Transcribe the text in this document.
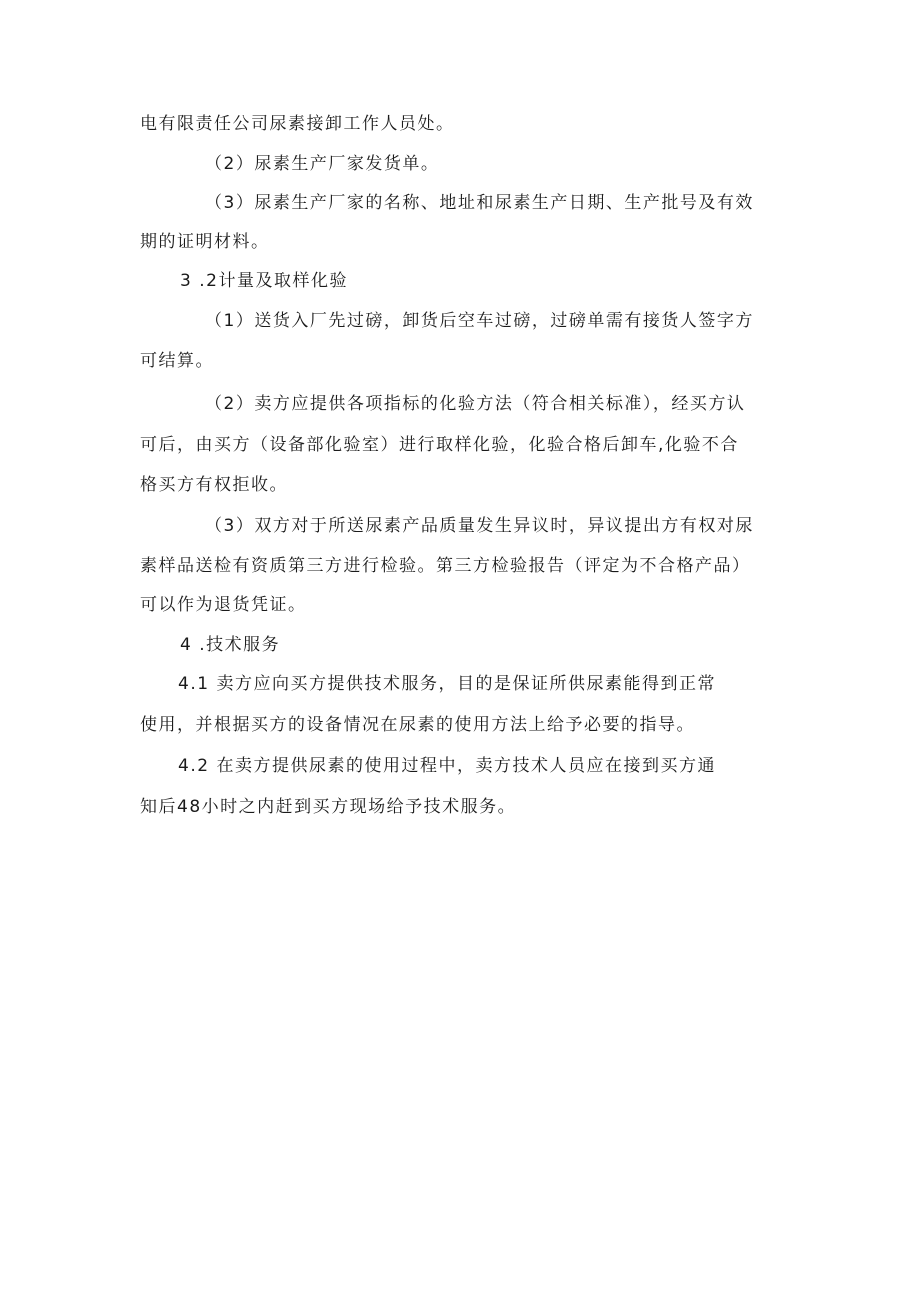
电有限责任公司尿素接卸工作人员处。
（2）尿素生产厂家发货单。
（3）尿素生产厂家的名称、地址和尿素生产日期、生产批号及有效
期的证明材料。
3 .2计量及取样化验
（1）送货入厂先过磅，卸货后空车过磅，过磅单需有接货人签字方
可结算。
（2）卖方应提供各项指标的化验方法（符合相关标准），经买方认
可后，由买方（设备部化验室）进行取样化验，化验合格后卸车,化验不合
格买方有权拒收。
（3）双方对于所送尿素产品质量发生异议时，异议提出方有权对尿
素样品送检有资质第三方进行检验。第三方检验报告（评定为不合格产品）
可以作为退货凭证。
4 .技术服务
4.1 卖方应向买方提供技术服务，目的是保证所供尿素能得到正常
使用，并根据买方的设备情况在尿素的使用方法上给予必要的指导。
4.2 在卖方提供尿素的使用过程中，卖方技术人员应在接到买方通
知后48小时之内赶到买方现场给予技术服务。
